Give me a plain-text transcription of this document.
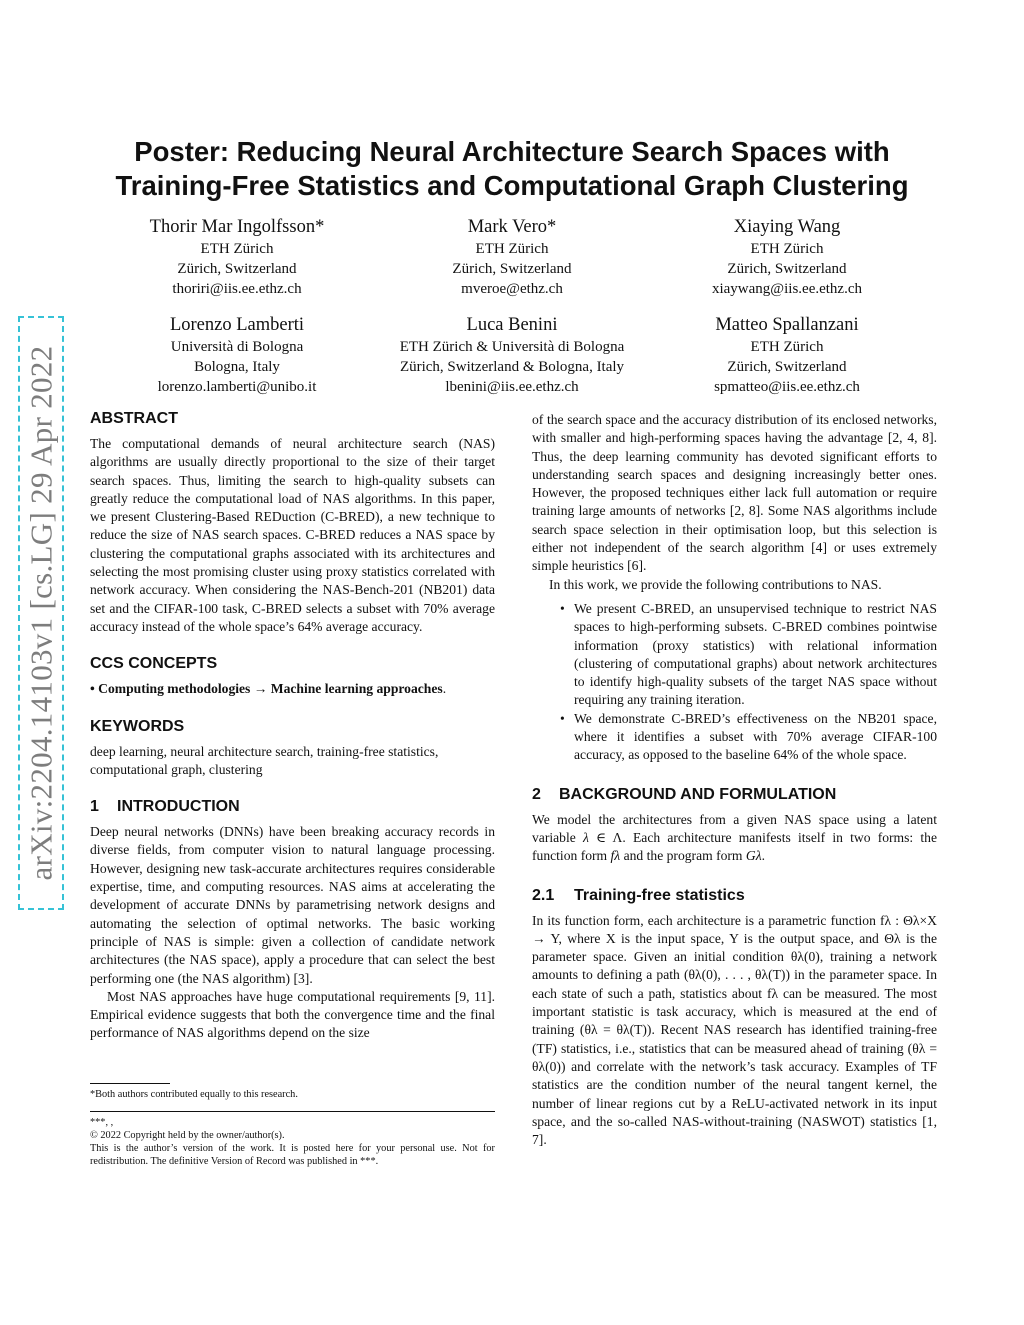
arXiv:2204.14103v1 [cs.LG] 29 Apr 2022
Poster: Reducing Neural Architecture Search Spaces with
Training-Free Statistics and Computational Graph Clustering
Thorir Mar Ingolfsson*
ETH Zürich
Zürich, Switzerland
thoriri@iis.ee.ethz.ch
Mark Vero*
ETH Zürich
Zürich, Switzerland
mveroe@ethz.ch
Xiaying Wang
ETH Zürich
Zürich, Switzerland
xiaywang@iis.ee.ethz.ch
Lorenzo Lamberti
Università di Bologna
Bologna, Italy
lorenzo.lamberti@unibo.it
Luca Benini
ETH Zürich & Università di Bologna
Zürich, Switzerland & Bologna, Italy
lbenini@iis.ee.ethz.ch
Matteo Spallanzani
ETH Zürich
Zürich, Switzerland
spmatteo@iis.ee.ethz.ch
ABSTRACT

The computational demands of neural architecture search (NAS) algorithms are usually directly proportional to the size of their target search spaces. Thus, limiting the search to high-quality subsets can greatly reduce the computational load of NAS algorithms. In this paper, we present Clustering-Based REDuction (C-BRED), a new technique to reduce the size of NAS search spaces. C-BRED reduces a NAS space by clustering the computational graphs associated with its architectures and selecting the most promising cluster using proxy statistics correlated with network accuracy. When considering the NAS-Bench-201 (NB201) data set and the CIFAR-100 task, C-BRED selects a subset with 70% average accuracy instead of the whole space’s 64% average accuracy.

CCS CONCEPTS

• Computing methodologies → Machine learning approaches.

KEYWORDS

deep learning, neural architecture search, training-free statistics, computational graph, clustering

1 INTRODUCTION

Deep neural networks (DNNs) have been breaking accuracy records in diverse fields, from computer vision to natural language processing. However, designing new task-accurate architectures requires considerable expertise, time, and computing resources. NAS aims at accelerating the development of accurate DNNs by parametrising network designs and automating the selection of optimal networks. The basic working principle of NAS is simple: given a collection of candidate network architectures (the NAS space), apply a procedure that can select the best performing one (the NAS algorithm) [3].

Most NAS approaches have huge computational requirements [9, 11]. Empirical evidence suggests that both the convergence time and the final performance of NAS algorithms depend on the size

*Both authors contributed equally to this research.

***, ,

© 2022 Copyright held by the owner/author(s).

This is the author’s version of the work. It is posted here for your personal use. Not for redistribution. The definitive Version of Record was published in ***.

of the search space and the accuracy distribution of its enclosed networks, with smaller and high-performing spaces having the advantage [2, 4, 8]. Thus, the deep learning community has devoted significant efforts to understanding search spaces and designing increasingly better ones. However, the proposed techniques either lack full automation or require training large amounts of networks [2, 8]. Some NAS algorithms include search space selection in their optimisation loop, but this selection is either not independent of the search algorithm [4] or uses extremely simple heuristics [6].

In this work, we provide the following contributions to NAS.

• We present C-BRED, an unsupervised technique to restrict NAS spaces to high-performing subsets. C-BRED combines pointwise information (proxy statistics) with relational information (clustering of computational graphs) about network architectures to identify high-quality subsets of the target NAS space without requiring any training iteration.
• We demonstrate C-BRED’s effectiveness on the NB201 space, where it identifies a subset with 70% average CIFAR-100 accuracy, as opposed to the baseline 64% of the whole space.
2 BACKGROUND AND FORMULATION

We model the architectures from a given NAS space using a latent variable λ ∈ Λ. Each architecture manifests itself in two forms: the function form fλ and the program form Gλ.

2.1 Training-free statistics

In its function form, each architecture is a parametric function fλ : Θλ×X → Y, where X is the input space, Y is the output space, and Θλ is the parameter space. Given an initial condition θλ(0), training a network amounts to defining a path (θλ(0), . . . , θλ(T)) in the parameter space. In each state of such a path, statistics about fλ can be measured. The most important statistic is task accuracy, which is measured at the end of training (θλ = θλ(T)). Recent NAS research has identified training-free (TF) statistics, i.e., statistics that can be measured ahead of training (θλ = θλ(0)) and correlate with the network’s task accuracy. Examples of TF statistics are the condition number of the neural tangent kernel, the number of linear regions cut by a ReLU-activated network in its input space, and the so-called NAS-without-training (NASWOT) statistics [1, 7].
